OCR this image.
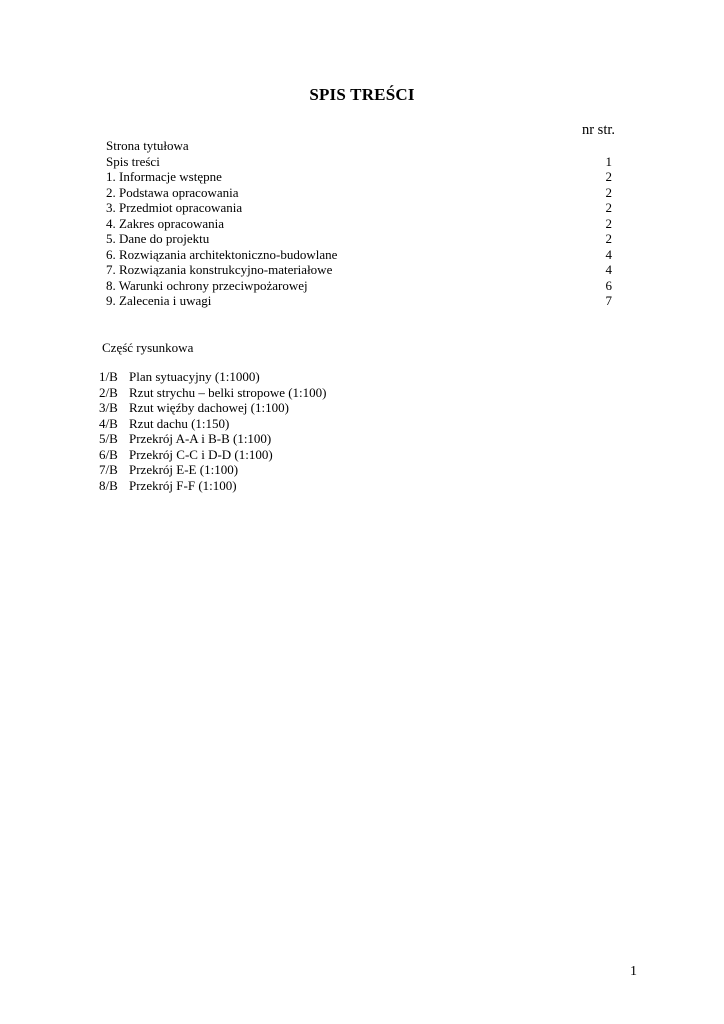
SPIS TREŚCI
nr str.
Strona tytułowa
Spis treści	1
1. Informacje wstępne	2
2. Podstawa opracowania	2
3. Przedmiot opracowania	2
4. Zakres opracowania	2
5. Dane do projektu	2
6. Rozwiązania architektoniczno-budowlane	4
7. Rozwiązania konstrukcyjno-materiałowe	4
8. Warunki ochrony przeciwpożarowej	6
9. Zalecenia i uwagi	7
Część rysunkowa
1/B Plan sytuacyjny (1:1000)
2/B Rzut strychu – belki stropowe (1:100)
3/B Rzut więźby dachowej (1:100)
4/B Rzut dachu (1:150)
5/B Przekrój A-A i B-B (1:100)
6/B Przekrój C-C i D-D (1:100)
7/B Przekrój E-E (1:100)
8/B Przekrój F-F (1:100)
1
